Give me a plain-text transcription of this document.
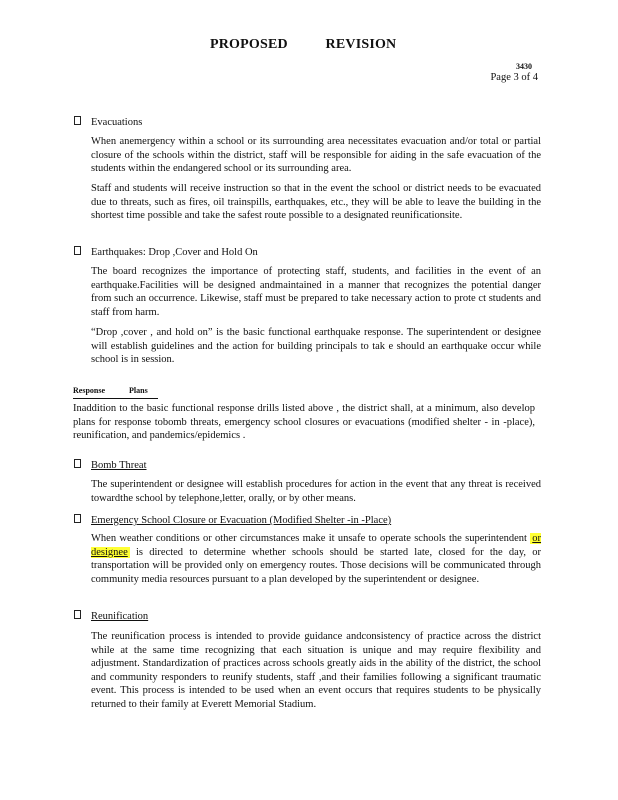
PROPOSED	REVISION
3430
Page 3 of 4
Evacuations
When anemergency within a school or its surrounding area necessitates evacuation and/or total or partial closure of the schools within the district, staff will be responsible for aiding in the safe evacuation of the students within the endangered school or its surrounding area.
Staff and students will receive instruction so that in the event the school or district needs to be evacuated due to threats, such as fires, oil trainspills, earthquakes, etc., they will be able to leave the building in the shortest time possible and take the safest route possible to a designated reunificationsite.
Earthquakes: Drop ,Cover and Hold On
The board recognizes the importance of protecting staff, students, and facilities in the event of an earthquake.Facilities will be designed andmaintained in a manner that recognizes the potential danger from such an occurrence. Likewise, staff must be prepared to take necessary action to prote ct students and staff from harm.
“Drop ,cover , and hold on” is the basic functional earthquake response. The superintendent or designee will establish guidelines and the action for building principals to tak e should an earthquake occur while school is in session.
Response	Plans
Inaddition to the basic functional response drills listed above , the district shall, at a minimum, also develop plans for response tobomb threats, emergency school closures or evacuations (modified shelter - in -place), reunification, and pandemics/epidemics .
Bomb Threat
The superintendent or designee will establish procedures for action in the event that any threat is received towardthe school by telephone,letter, orally, or by other means.
Emergency School Closure or Evacuation (Modified Shelter -in -Place)
When weather conditions or other circumstances make it unsafe to operate schools the superintendent or designee is directed to determine whether schools should be started late, closed for the day, or transportation will be provided only on emergency routes. Those decisions will be communicated through community media resources pursuant to a plan developed by the superintendent or designee.
Reunification
The reunification process is intended to provide guidance andconsistency of practice across the district while at the same time recognizing that each situation is unique and may require flexibility and adjustment. Standardization of practices across schools greatly aids in the ability of the district, the school and community responders to reunify students, staff ,and their families following a significant traumatic event. This process is intended to be used when an event occurs that requires students to be physically returned to their family at Everett Memorial Stadium.
